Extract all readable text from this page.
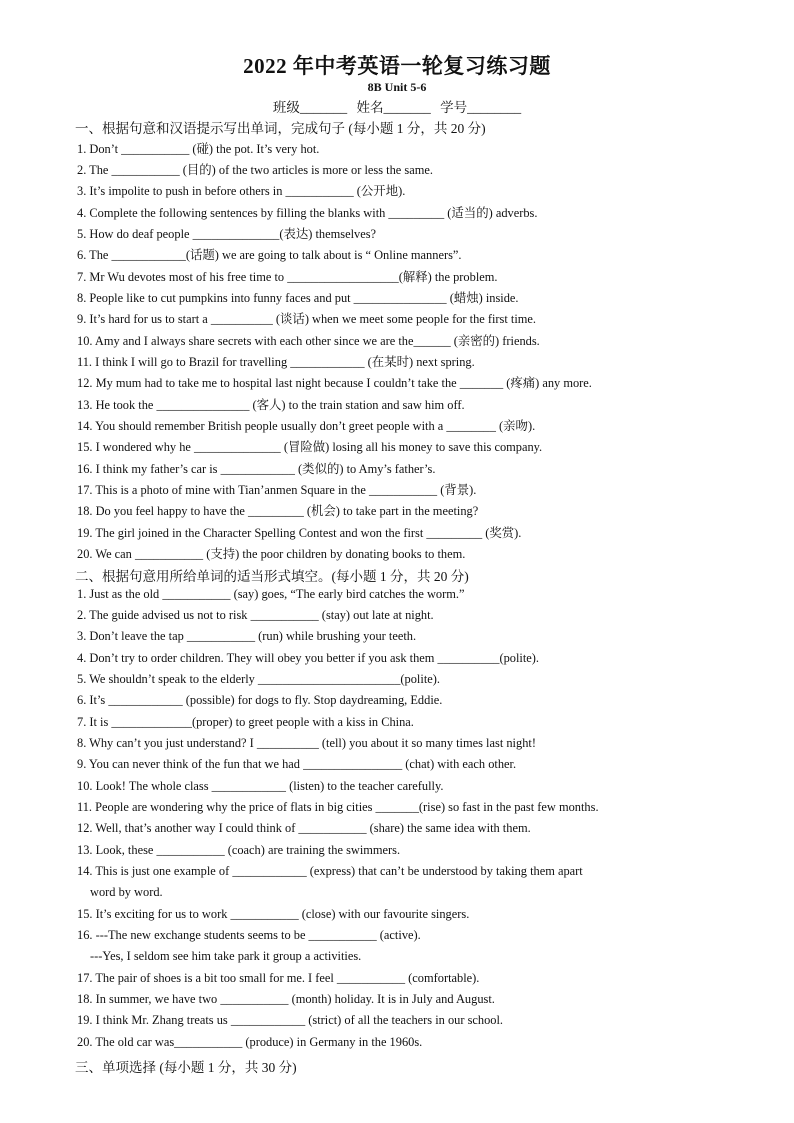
2022 年中考英语一轮复习练习题
8B Unit 5-6
班级_______ 姓名_______ 学号________
一、根据句意和汉语提示写出单词，完成句子 (每小题 1 分，共 20 分)
1. Don’t ___________ (碰) the pot. It’s very hot.
2. The ___________ (目的) of the two articles is more or less the same.
3. It’s impolite to push in before others in ___________ (公开地).
4. Complete the following sentences by filling the blanks with _________ (适当的) adverbs.
5. How do deaf people ______________(表达) themselves?
6. The ____________(话题) we are going to talk about is “ Online manners”.
7. Mr Wu devotes most of his free time to __________________(解释) the problem.
8. People like to cut pumpkins into funny faces and put _______________ (蜡烛) inside.
9. It’s hard for us to start a __________ (谈话) when we meet some people for the first time.
10. Amy and I always share secrets with each other since we are the______ (亲密的) friends.
11. I think I will go to Brazil for travelling ____________ (在某时) next spring.
12. My mum had to take me to hospital last night because I couldn’t take the _______ (疼痛) any more.
13. He took the _______________ (客人) to the train station and saw him off.
14. You should remember British people usually don’t greet people with a ________ (亲吻).
15. I wondered why he ______________ (冒险做) losing all his money to save this company.
16. I think my father’s car is ____________ (类似的) to Amy’s father’s.
17. This is a photo of mine with Tian’anmen Square in the ___________ (背景).
18. Do you feel happy to have the _________ (机会) to take part in the meeting?
19. The girl joined in the Character Spelling Contest and won the first _________ (奖赏).
20. We can ___________ (支持) the poor children by donating books to them.
二、根据句意用所给单词的适当形式填空。(每小题 1 分，共 20 分)
1. Just as the old ___________ (say) goes, “The early bird catches the worm.”
2. The guide advised us not to risk ___________ (stay) out late at night.
3. Don’t leave the tap ___________ (run) while brushing your teeth.
4. Don’t try to order children. They will obey you better if you ask them __________(polite).
5. We shouldn’t speak to the elderly _______________________(polite).
6. It’s ____________ (possible) for dogs to fly. Stop daydreaming, Eddie.
7. It is _____________(proper) to greet people with a kiss in China.
8. Why can’t you just understand? I __________ (tell) you about it so many times last night!
9. You can never think of the fun that we had ________________ (chat) with each other.
10. Look! The whole class ____________ (listen) to the teacher carefully.
11. People are wondering why the price of flats in big cities _______(rise) so fast in the past few months.
12. Well, that’s another way I could think of ___________ (share) the same idea with them.
13. Look, these ___________ (coach) are training the swimmers.
14. This is just one example of ____________ (express) that can’t be understood by taking them apart
word by word.
15. It’s exciting for us to work ___________ (close) with our favourite singers.
16. ---The new exchange students seems to be ___________ (active).
---Yes, I seldom see him take park it group a activities.
17. The pair of shoes is a bit too small for me. I feel ___________ (comfortable).
18. In summer, we have two ___________ (month) holiday. It is in July and August.
19. I think Mr. Zhang treats us ____________ (strict) of all the teachers in our school.
20. The old car was___________ (produce) in Germany in the 1960s.
三、单项选择 (每小题 1 分，共 30 分)
